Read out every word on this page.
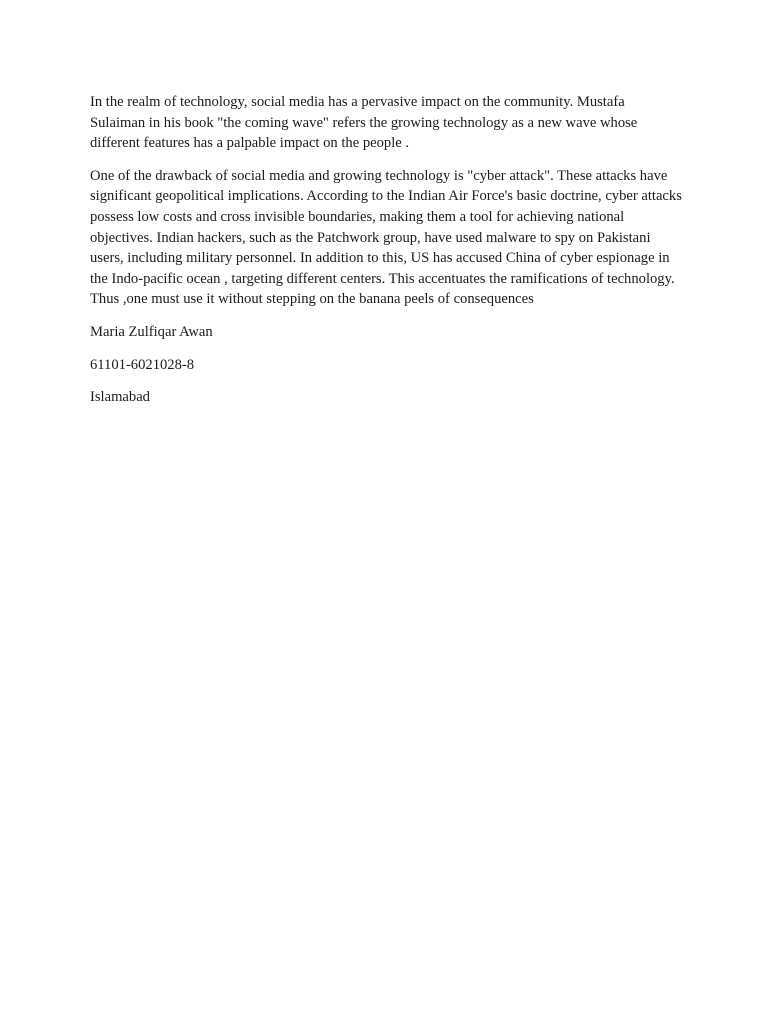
In the realm of technology, social media has a pervasive impact on the community. Mustafa Sulaiman in his book "the coming wave" refers the growing technology as a new wave whose different features has a palpable impact on the people .

One of the drawback of social media and growing technology is "cyber attack". These attacks have significant geopolitical implications. According to the Indian Air Force's basic doctrine, cyber attacks possess low costs and cross invisible boundaries, making them a tool for achieving national objectives. Indian hackers, such as the Patchwork group, have used malware to spy on Pakistani users, including military personnel. In addition to this, US has accused China of cyber espionage in the Indo-pacific ocean , targeting different centers. This accentuates the ramifications of technology. Thus ,one must use it without stepping on the banana peels of consequences

Maria Zulfiqar Awan

61101-6021028-8

Islamabad
